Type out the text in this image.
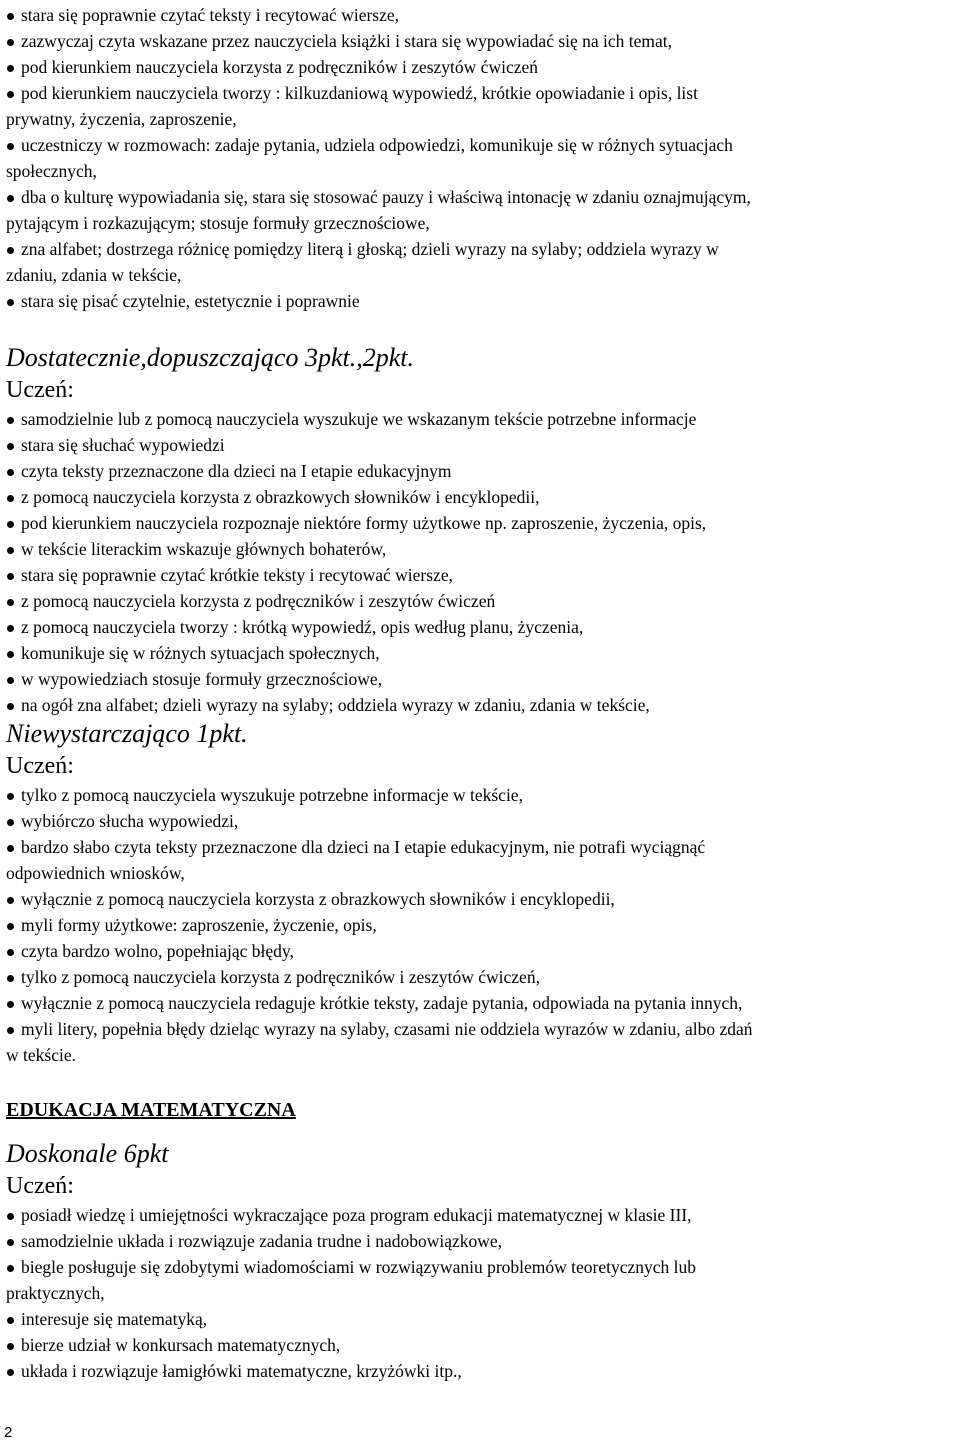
stara się poprawnie czytać teksty i recytować wiersze,
zazwyczaj czyta wskazane przez nauczyciela książki i stara się wypowiadać się na ich temat,
pod kierunkiem nauczyciela korzysta z podręczników i zeszytów ćwiczeń
pod kierunkiem nauczyciela tworzy : kilkuzdaniową wypowiedź, krótkie opowiadanie i opis, list
prywatny, życzenia, zaproszenie,
uczestniczy w rozmowach: zadaje pytania, udziela odpowiedzi, komunikuje się w różnych sytuacjach
społecznych,
dba o kulturę wypowiadania się, stara się stosować pauzy i właściwą intonację w zdaniu oznajmującym,
pytającym i rozkazującym; stosuje formuły grzecznościowe,
zna alfabet; dostrzega różnicę pomiędzy literą i głoską; dzieli wyrazy na sylaby; oddziela wyrazy w
zdaniu, zdania w tekście,
stara się pisać czytelnie, estetycznie i poprawnie

Dostatecznie,dopuszczająco 3pkt.,2pkt.

Uczeń:

samodzielnie lub z pomocą nauczyciela wyszukuje we wskazanym tekście potrzebne informacje
stara się słuchać wypowiedzi
czyta teksty przeznaczone dla dzieci na I etapie edukacyjnym
z pomocą nauczyciela korzysta z obrazkowych słowników i encyklopedii,
pod kierunkiem nauczyciela rozpoznaje niektóre formy użytkowe np. zaproszenie, życzenia, opis,
w tekście literackim wskazuje głównych bohaterów,
stara się poprawnie czytać krótkie teksty i recytować wiersze,
z pomocą nauczyciela korzysta z podręczników i zeszytów ćwiczeń
z pomocą nauczyciela tworzy : krótką wypowiedź, opis według planu, życzenia,
komunikuje się w różnych sytuacjach społecznych,
w wypowiedziach stosuje formuły grzecznościowe,
na ogół zna alfabet; dzieli wyrazy na sylaby; oddziela wyrazy w zdaniu, zdania w tekście,

Niewystarczająco 1pkt.

Uczeń:

tylko z pomocą nauczyciela wyszukuje potrzebne informacje w tekście,
wybiórczo słucha wypowiedzi,
bardzo słabo czyta teksty przeznaczone dla dzieci na I etapie edukacyjnym, nie potrafi wyciągnąć
odpowiednich wniosków,
wyłącznie z pomocą nauczyciela korzysta z obrazkowych słowników i encyklopedii,
myli formy użytkowe: zaproszenie, życzenie, opis,
czyta bardzo wolno, popełniając błędy,
tylko z pomocą nauczyciela korzysta z podręczników i zeszytów ćwiczeń,
wyłącznie z pomocą nauczyciela redaguje krótkie teksty, zadaje pytania, odpowiada na pytania innych,
myli litery, popełnia błędy dzieląc wyrazy na sylaby, czasami nie oddziela wyrazów w zdaniu, albo zdań
w tekście.

EDUKACJA MATEMATYCZNA

Doskonale 6pkt

Uczeń:

posiadł wiedzę i umiejętności wykraczające poza program edukacji matematycznej w klasie III,
samodzielnie układa i rozwiązuje zadania trudne i nadobowiązkowe,
biegle posługuje się zdobytymi wiadomościami w rozwiązywaniu problemów teoretycznych lub
praktycznych,
interesuje się matematyką,
bierze udział w konkursach matematycznych,
układa i rozwiązuje łamigłówki matematyczne, krzyżówki itp.,
2
